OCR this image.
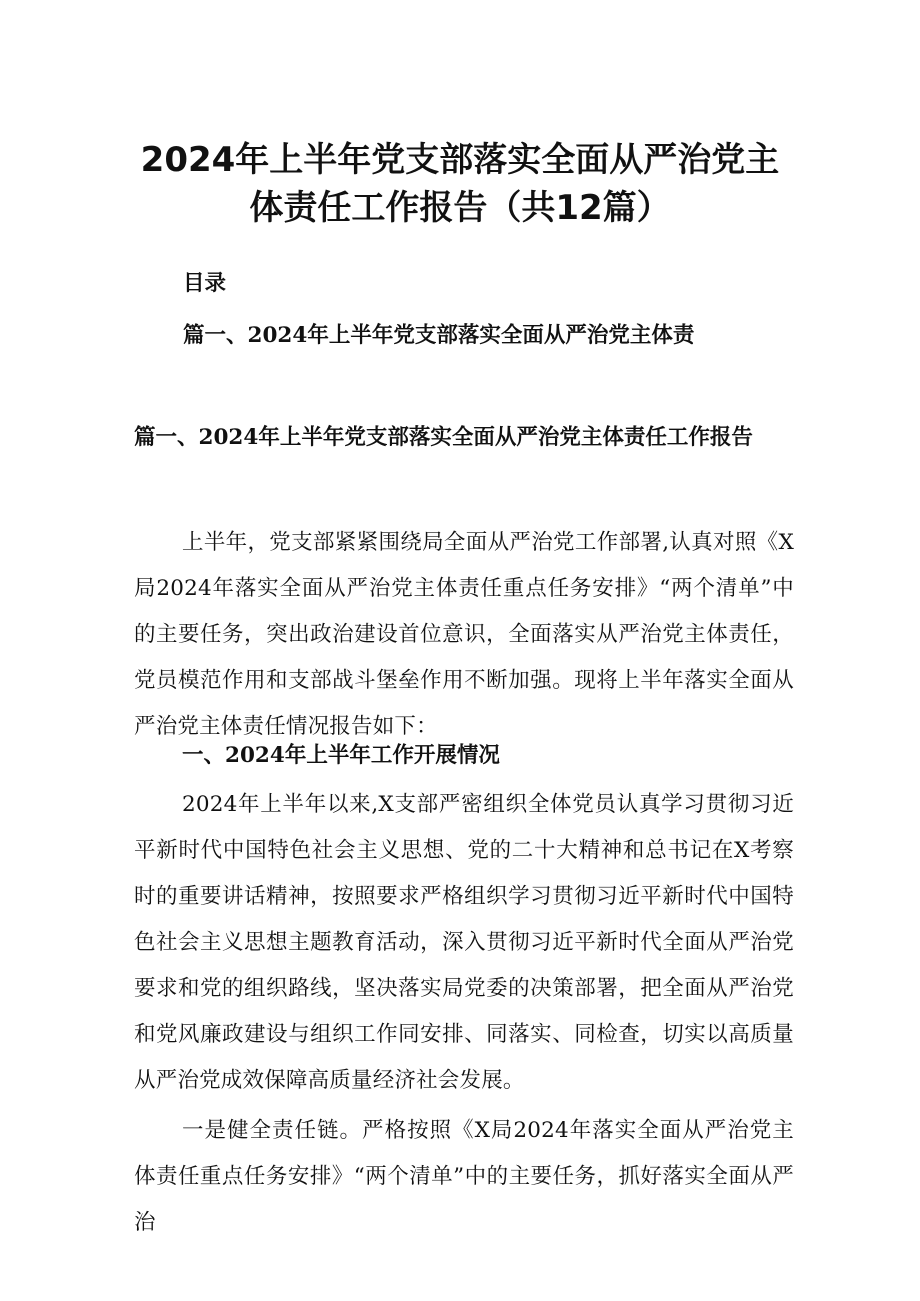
2024年上半年党支部落实全面从严治党主
体责任工作报告（共12篇）
目录
篇一、2024年上半年党支部落实全面从严治党主体责
篇一、2024年上半年党支部落实全面从严治党主体责任工作报告
上半年，党支部紧紧围绕局全面从严治党工作部署,认真对照《X局2024年落实全面从严治党主体责任重点任务安排》“两个清单”中的主要任务，突出政治建设首位意识，全面落实从严治党主体责任，党员模范作用和支部战斗堡垒作用不断加强。现将上半年落实全面从严治党主体责任情况报告如下：
一、2024年上半年工作开展情况
2024年上半年以来,X支部严密组织全体党员认真学习贯彻习近平新时代中国特色社会主义思想、党的二十大精神和总书记在X考察时的重要讲话精神，按照要求严格组织学习贯彻习近平新时代中国特色社会主义思想主题教育活动，深入贯彻习近平新时代全面从严治党要求和党的组织路线，坚决落实局党委的决策部署，把全面从严治党和党风廉政建设与组织工作同安排、同落实、同检查，切实以高质量从严治党成效保障高质量经济社会发展。
一是健全责任链。严格按照《X局2024年落实全面从严治党主体责任重点任务安排》“两个清单”中的主要任务，抓好落实全面从严治
